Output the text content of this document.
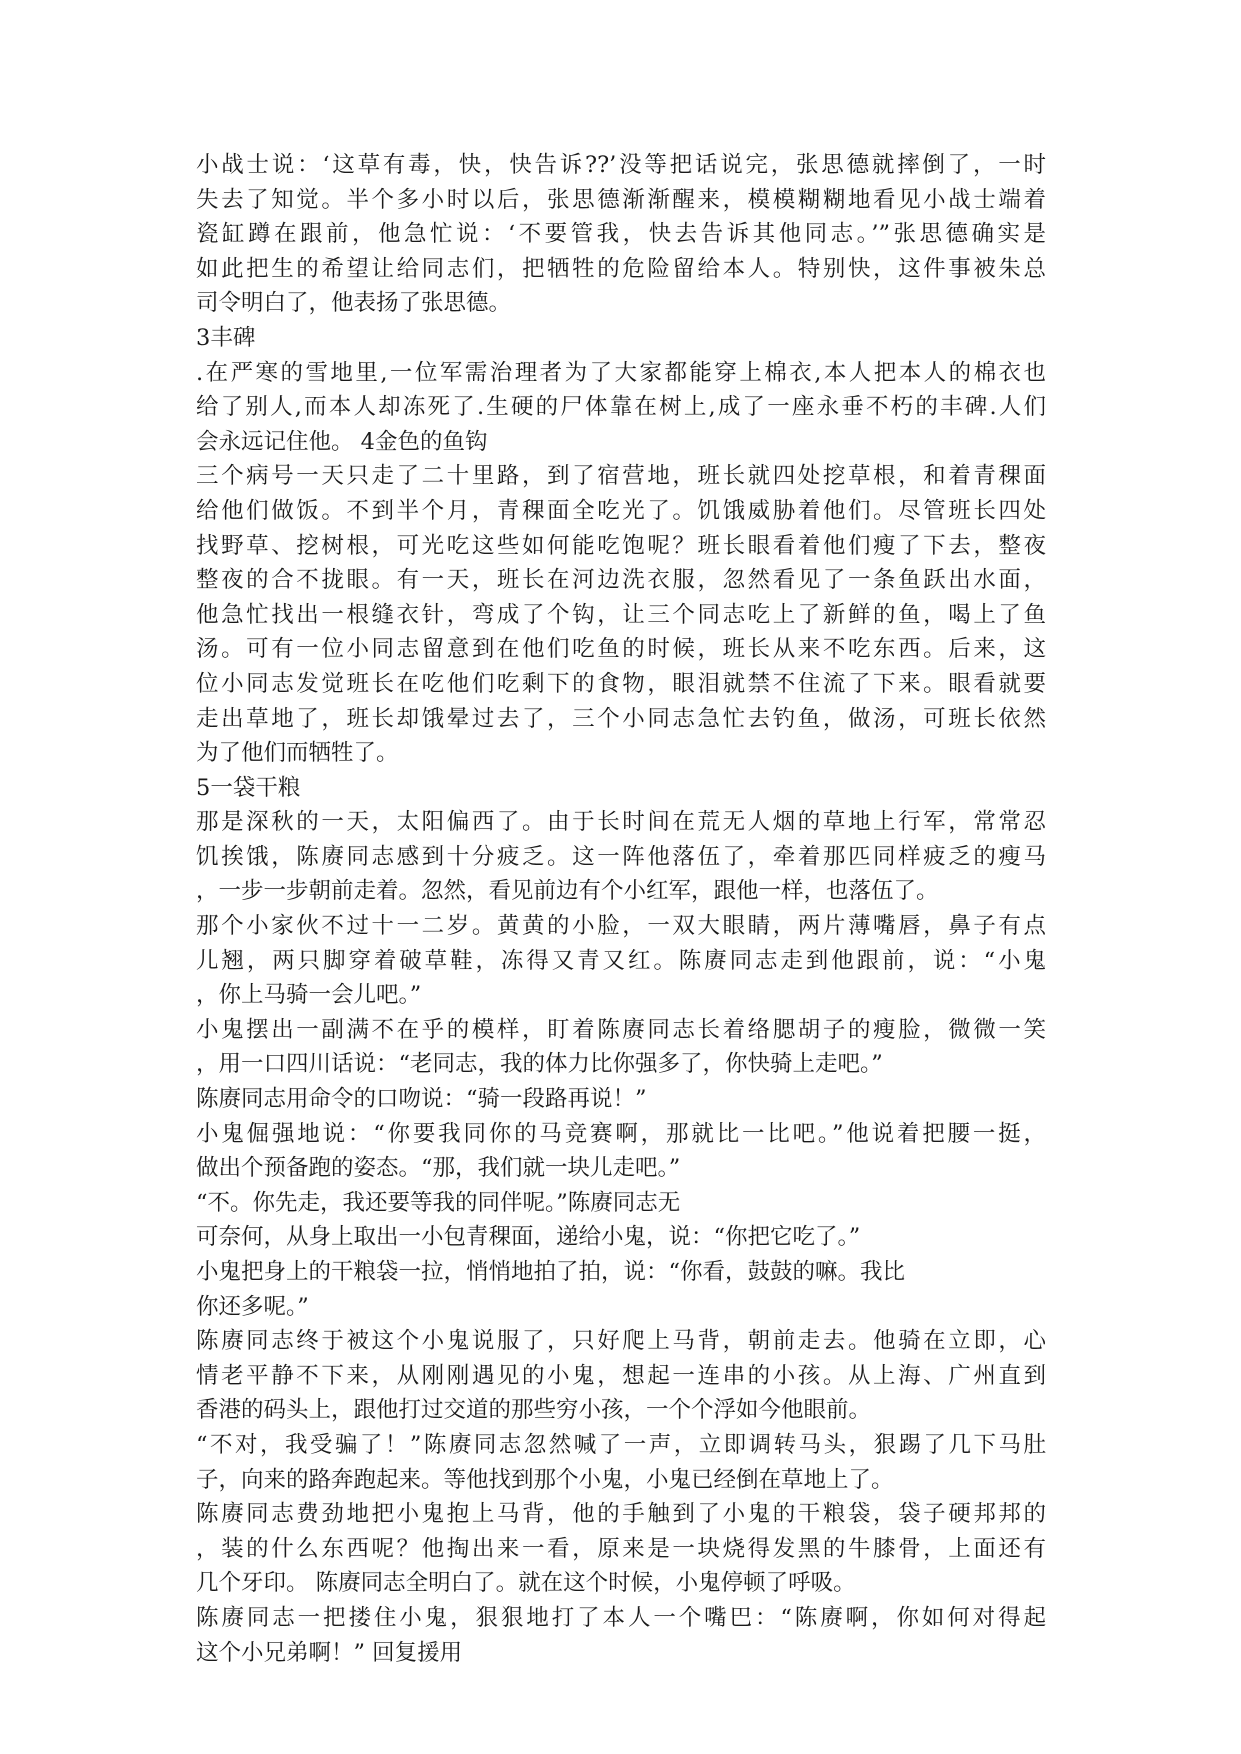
小战士说：‘这草有毒，快，快告诉??’没等把话说完，张思德就摔倒了，一时
失去了知觉。半个多小时以后，张思德渐渐醒来，模模糊糊地看见小战士端着
瓷缸蹲在跟前，他急忙说：‘不要管我，快去告诉其他同志。’”张思德确实是
如此把生的希望让给同志们，把牺牲的危险留给本人。特别快，这件事被朱总
司令明白了，他表扬了张思德。
3丰碑
.在严寒的雪地里,一位军需治理者为了大家都能穿上棉衣,本人把本人的棉衣也
给了别人,而本人却冻死了.生硬的尸体靠在树上,成了一座永垂不朽的丰碑.人们
会永远记住他。 4金色的鱼钩
三个病号一天只走了二十里路，到了宿营地，班长就四处挖草根，和着青稞面
给他们做饭。不到半个月，青稞面全吃光了。饥饿威胁着他们。尽管班长四处
找野草、挖树根，可光吃这些如何能吃饱呢？班长眼看着他们瘦了下去，整夜
整夜的合不拢眼。有一天，班长在河边洗衣服，忽然看见了一条鱼跃出水面，
他急忙找出一根缝衣针，弯成了个钩，让三个同志吃上了新鲜的鱼，喝上了鱼
汤。可有一位小同志留意到在他们吃鱼的时候，班长从来不吃东西。后来，这
位小同志发觉班长在吃他们吃剩下的食物，眼泪就禁不住流了下来。眼看就要
走出草地了，班长却饿晕过去了，三个小同志急忙去钓鱼，做汤，可班长依然
为了他们而牺牲了。
5一袋干粮
那是深秋的一天，太阳偏西了。由于长时间在荒无人烟的草地上行军，常常忍
饥挨饿，陈赓同志感到十分疲乏。这一阵他落伍了，牵着那匹同样疲乏的瘦马
，一步一步朝前走着。忽然，看见前边有个小红军，跟他一样，也落伍了。
那个小家伙不过十一二岁。黄黄的小脸，一双大眼睛，两片薄嘴唇，鼻子有点
儿翘，两只脚穿着破草鞋，冻得又青又红。陈赓同志走到他跟前，说：“小鬼
，你上马骑一会儿吧。”
小鬼摆出一副满不在乎的模样，盯着陈赓同志长着络腮胡子的瘦脸，微微一笑
，用一口四川话说：“老同志，我的体力比你强多了，你快骑上走吧。”
陈赓同志用命令的口吻说：“骑一段路再说！”
小鬼倔强地说：“你要我同你的马竞赛啊，那就比一比吧。”他说着把腰一挺，
做出个预备跑的姿态。“那，我们就一块儿走吧。”
“不。你先走，我还要等我的同伴呢。”陈赓同志无
可奈何，从身上取出一小包青稞面，递给小鬼，说：“你把它吃了。”
小鬼把身上的干粮袋一拉，悄悄地拍了拍，说：“你看，鼓鼓的嘛。我比
你还多呢。”
陈赓同志终于被这个小鬼说服了，只好爬上马背，朝前走去。他骑在立即，心
情老平静不下来，从刚刚遇见的小鬼，想起一连串的小孩。从上海、广州直到
香港的码头上，跟他打过交道的那些穷小孩，一个个浮如今他眼前。
“不对，我受骗了！”陈赓同志忽然喊了一声，立即调转马头，狠踢了几下马肚
子，向来的路奔跑起来。等他找到那个小鬼，小鬼已经倒在草地上了。
陈赓同志费劲地把小鬼抱上马背，他的手触到了小鬼的干粮袋，袋子硬邦邦的
，装的什么东西呢？他掏出来一看，原来是一块烧得发黑的牛膝骨，上面还有
几个牙印。 陈赓同志全明白了。就在这个时候，小鬼停顿了呼吸。
陈赓同志一把搂住小鬼，狠狠地打了本人一个嘴巴：“陈赓啊，你如何对得起
这个小兄弟啊！” 回复援用
